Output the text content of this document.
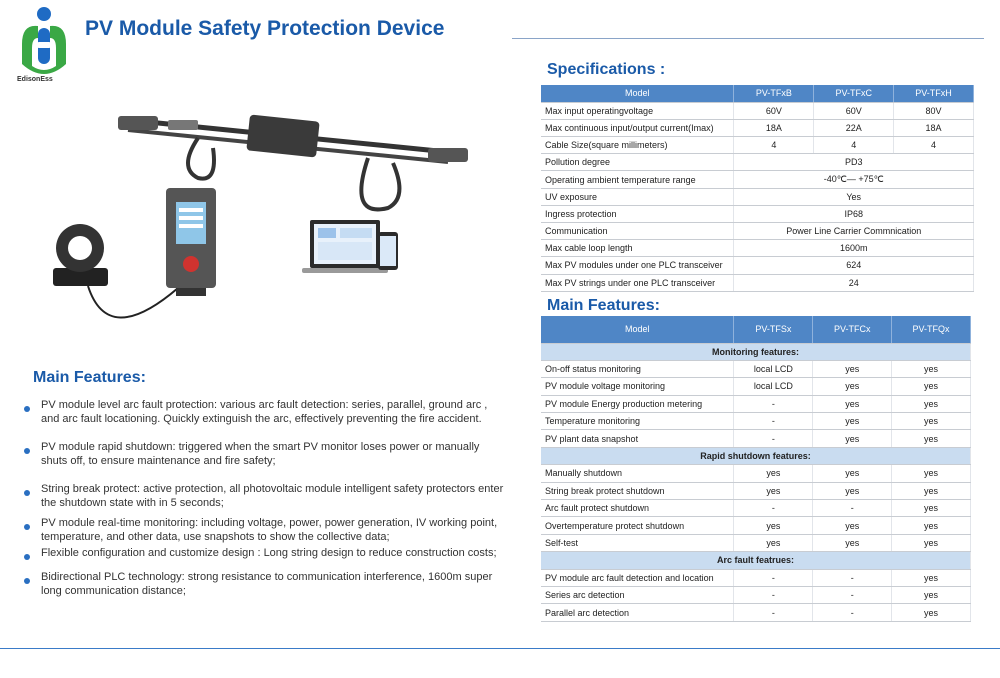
EdisonEss
PV Module Safety Protection Device
Specifications :
Model	PV-TFxB	PV-TFxC	PV-TFxH
Max input operatingvoltage	60V	60V	80V
Max continuous input/output current(Imax)	18A	22A	18A
Cable Size(square millimeters)	4	4	4
Pollution degree	PD3		
Operating ambient temperature range	-40℃— +75℃		
UV exposure	Yes		
Ingress protection	IP68		
Communication	Power Line Carrier Commnication		
Max cable loop length	1600m		
Max PV modules under one PLC transceiver	624		
Max PV strings under one PLC transceiver	24		
Main Features:
Model	PV-TFSx	PV-TFCx	PV-TFQx
Monitoring features:			
On-off status monitoring	local LCD	yes	yes
PV module voltage monitoring	local LCD	yes	yes
PV module Energy production metering	-	yes	yes
Temperature monitoring	-	yes	yes
PV plant data snapshot	-	yes	yes
Rapid shutdown features:			
Manually shutdown	yes	yes	yes
String break protect shutdown	yes	yes	yes
Arc fault protect shutdown	-	-	yes
Overtemperature protect shutdown	yes	yes	yes
Self-test	yes	yes	yes
Arc fault featrues:			
PV module arc fault detection and location	-	-	yes
Series arc detection	-	-	yes
Parallel arc detection	-	-	yes
Main Features:
PV module level arc fault protection: various arc fault detection: series, parallel, ground arc , and arc fault locationing. Quickly extinguish the arc, effectively preventing the fire accident.
PV module rapid shutdown: triggered when the smart PV monitor loses power or manually shuts off, to ensure maintenance and fire safety;
String break protect: active protection, all photovoltaic module intelligent safety protectors enter the shutdown state with in 5 seconds;
PV module real-time monitoring: including voltage, power, power generation, IV working point, temperature, and other data, use snapshots to show the collective data;
Flexible configuration and customize design : Long string design to reduce construction costs;
Bidirectional PLC technology: strong resistance to communication interference, 1600m super long communication distance;
